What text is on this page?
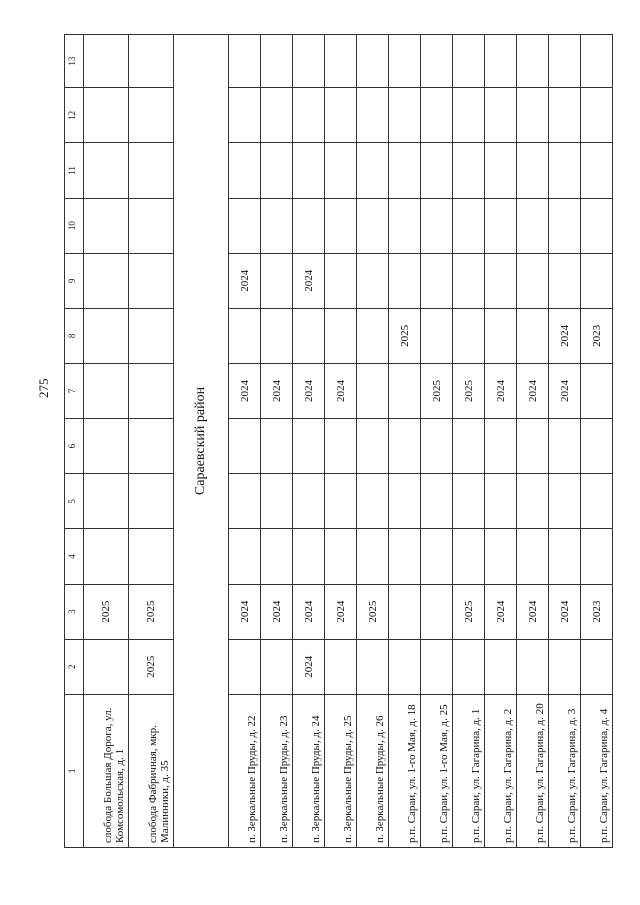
275
1	2	3	4	5	6	7	8	9	10	11	12	13
слобода Большая Дорога, ул. Комсомольская, д. 1		2025										
слобода Фабричная, мкр. Малинники, д. 35	2025	2025										
Сараевский район												
п. Зеркальные Пруды, д. 22		2024				2024		2024				
п. Зеркальные Пруды, д. 23		2024				2024						
п. Зеркальные Пруды, д. 24	2024	2024				2024		2024				
п. Зеркальные Пруды, д. 25		2024				2024						
п. Зеркальные Пруды, д. 26		2025										
р.п. Сараи, ул. 1-го Мая, д. 18							2025					
р.п. Сараи, ул. 1-го Мая, д. 25						2025						
р.п. Сараи, ул. Гагарина, д. 1		2025				2025						
р.п. Сараи, ул. Гагарина, д. 2		2024				2024						
р.п. Сараи, ул. Гагарина, д. 20		2024				2024						
р.п. Сараи, ул. Гагарина, д. 3		2024				2024	2024					
р.п. Сараи, ул. Гагарина, д. 4		2023					2023					
